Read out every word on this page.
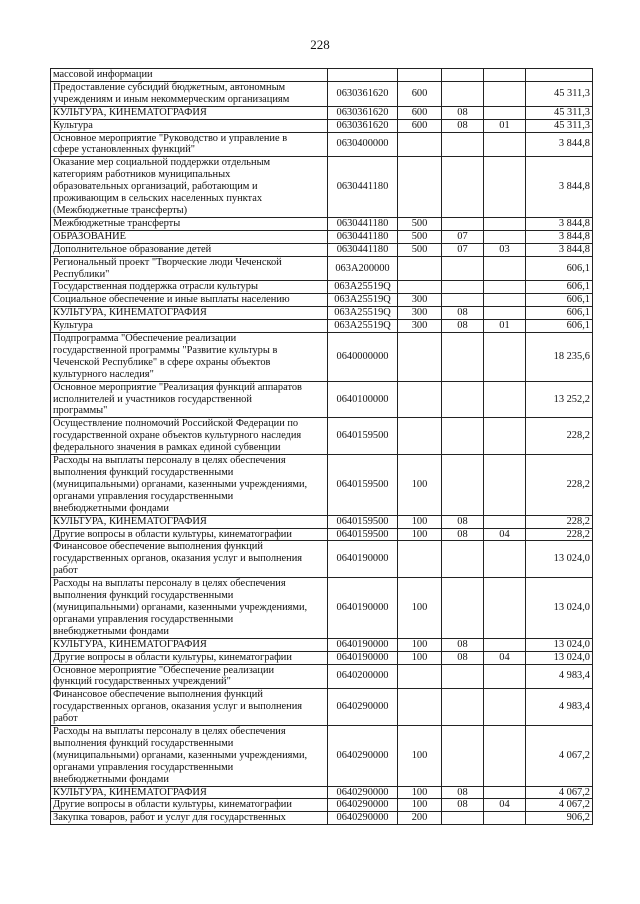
228
массовой информации					
Предоставление субсидий бюджетным, автономным
учреждениям и иным некоммерческим организациям	0630361620	600			45 311,3
КУЛЬТУРА, КИНЕМАТОГРАФИЯ	0630361620	600	08		45 311,3
Культура	0630361620	600	08	01	45 311,3
Основное мероприятие "Руководство и управление в
сфере установленных функций"	0630400000				3 844,8
Оказание мер социальной поддержки отдельным
категориям работников муниципальных
образовательных организаций, работающим и
проживающим в сельских населенных пунктах
(Межбюджетные трансферты)	0630441180				3 844,8
Межбюджетные трансферты	0630441180	500			3 844,8
ОБРАЗОВАНИЕ	0630441180	500	07		3 844,8
Дополнительное образование детей	0630441180	500	07	03	3 844,8
Региональный проект "Творческие люди Чеченской
Республики"	063A200000				606,1
Государственная поддержка отрасли культуры	063A25519Q				606,1
Социальное обеспечение и иные выплаты населению	063A25519Q	300			606,1
КУЛЬТУРА, КИНЕМАТОГРАФИЯ	063A25519Q	300	08		606,1
Культура	063A25519Q	300	08	01	606,1
Подпрограмма "Обеспечение реализации
государственной программы "Развитие культуры в
Чеченской Республике" в сфере охраны объектов
культурного наследия"	0640000000				18 235,6
Основное мероприятие "Реализация функций аппаратов
исполнителей и участников государственной
программы"	0640100000				13 252,2
Осуществление полномочий Российской Федерации по
государственной охране объектов культурного наследия
федерального значения в рамках единой субвенции	0640159500				228,2
Расходы на выплаты персоналу в целях обеспечения
выполнения функций государственными
(муниципальными) органами, казенными учреждениями,
органами управления государственными
внебюджетными фондами	0640159500	100			228,2
КУЛЬТУРА, КИНЕМАТОГРАФИЯ	0640159500	100	08		228,2
Другие вопросы в области культуры, кинематографии	0640159500	100	08	04	228,2
Финансовое обеспечение выполнения функций
государственных органов, оказания услуг и выполнения
работ	0640190000				13 024,0
Расходы на выплаты персоналу в целях обеспечения
выполнения функций государственными
(муниципальными) органами, казенными учреждениями,
органами управления государственными
внебюджетными фондами	0640190000	100			13 024,0
КУЛЬТУРА, КИНЕМАТОГРАФИЯ	0640190000	100	08		13 024,0
Другие вопросы в области культуры, кинематографии	0640190000	100	08	04	13 024,0
Основное мероприятие "Обеспечение реализации
функций государственных учреждений"	0640200000				4 983,4
Финансовое обеспечение выполнения функций
государственных органов, оказания услуг и выполнения
работ	0640290000				4 983,4
Расходы на выплаты персоналу в целях обеспечения
выполнения функций государственными
(муниципальными) органами, казенными учреждениями,
органами управления государственными
внебюджетными фондами	0640290000	100			4 067,2
КУЛЬТУРА, КИНЕМАТОГРАФИЯ	0640290000	100	08		4 067,2
Другие вопросы в области культуры, кинематографии	0640290000	100	08	04	4 067,2
Закупка товаров, работ и услуг для государственных	0640290000	200			906,2
